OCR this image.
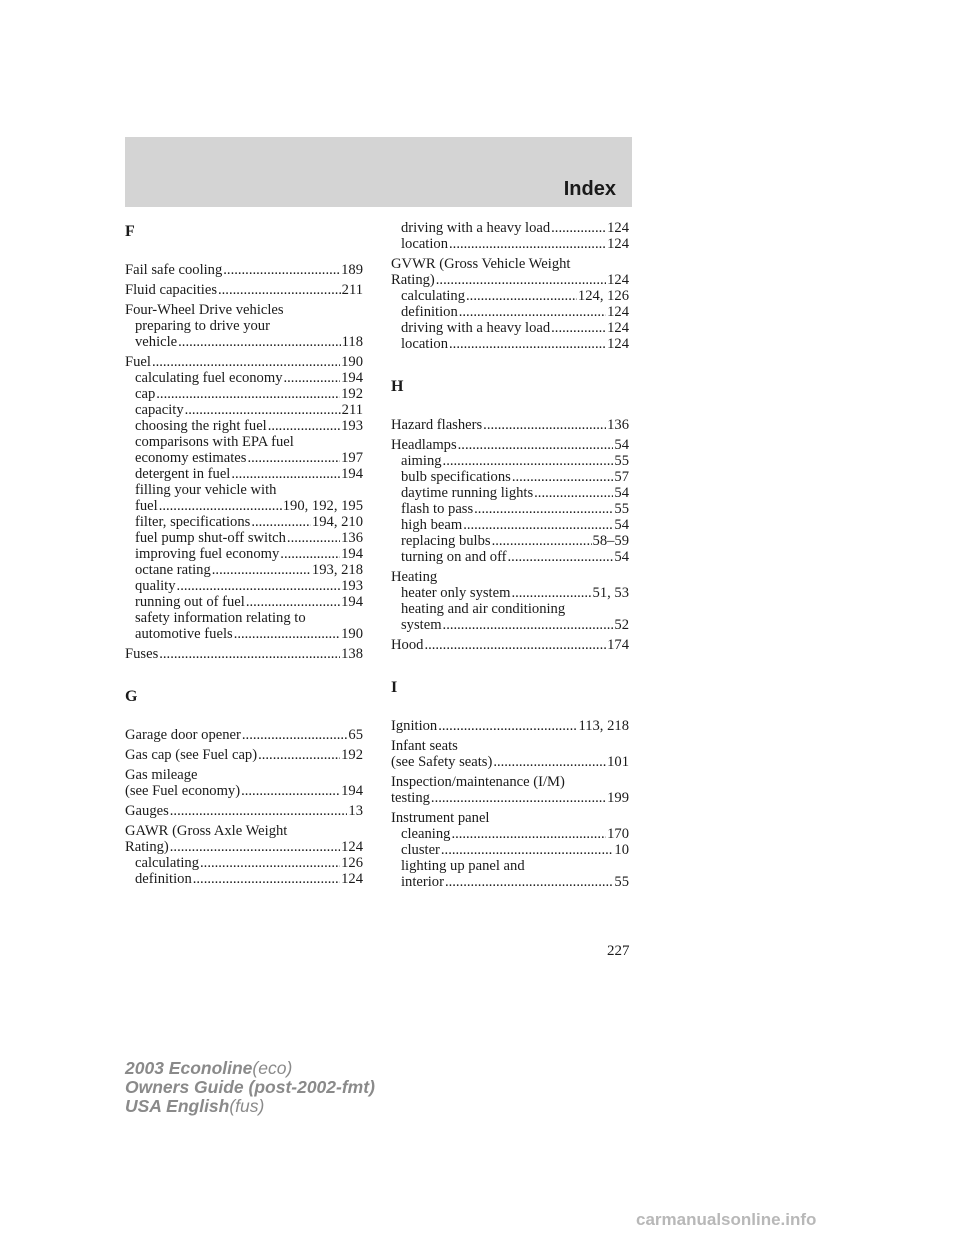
Index
F
Fail safe cooling .....	189
Fluid capacities .....	211
Four-Wheel Drive vehicles
preparing to drive your
vehicle .....	118
Fuel .....	190
calculating fuel economy .....	194
cap .....	192
capacity .....	211
choosing the right fuel .....	193
comparisons with EPA fuel
economy estimates .....	197
detergent in fuel .....	194
filling your vehicle with
fuel .....	190, 192, 195
filter, specifications .....	194, 210
fuel pump shut-off switch .....	136
improving fuel economy .....	194
octane rating .....	193, 218
quality .....	193
running out of fuel .....	194
safety information relating to
automotive fuels .....	190
Fuses .....	138
G
Garage door opener .....	65
Gas cap (see Fuel cap) .....	192
Gas mileage
(see Fuel economy) .....	194
Gauges .....	13
GAWR (Gross Axle Weight
Rating) .....	124
calculating .....	126
definition .....	124
driving with a heavy load .....	124
location .....	124
GVWR (Gross Vehicle Weight
Rating) .....	124
calculating .....	124, 126
definition .....	124
driving with a heavy load .....	124
location .....	124
H
Hazard flashers .....	136
Headlamps .....	54
aiming .....	55
bulb specifications .....	57
daytime running lights .....	54
flash to pass .....	55
high beam .....	54
replacing bulbs .....	58–59
turning on and off .....	54
Heating
heater only system .....	51, 53
heating and air conditioning
system .....	52
Hood .....	174
I
Ignition .....	113, 218
Infant seats
(see Safety seats) .....	101
Inspection/maintenance (I/M)
testing .....	199
Instrument panel
cleaning .....	170
cluster .....	10
lighting up panel and
interior .....	55
227
2003 Econoline(eco)
Owners Guide (post-2002-fmt)
USA English(fus)
carmanualsonline.info
